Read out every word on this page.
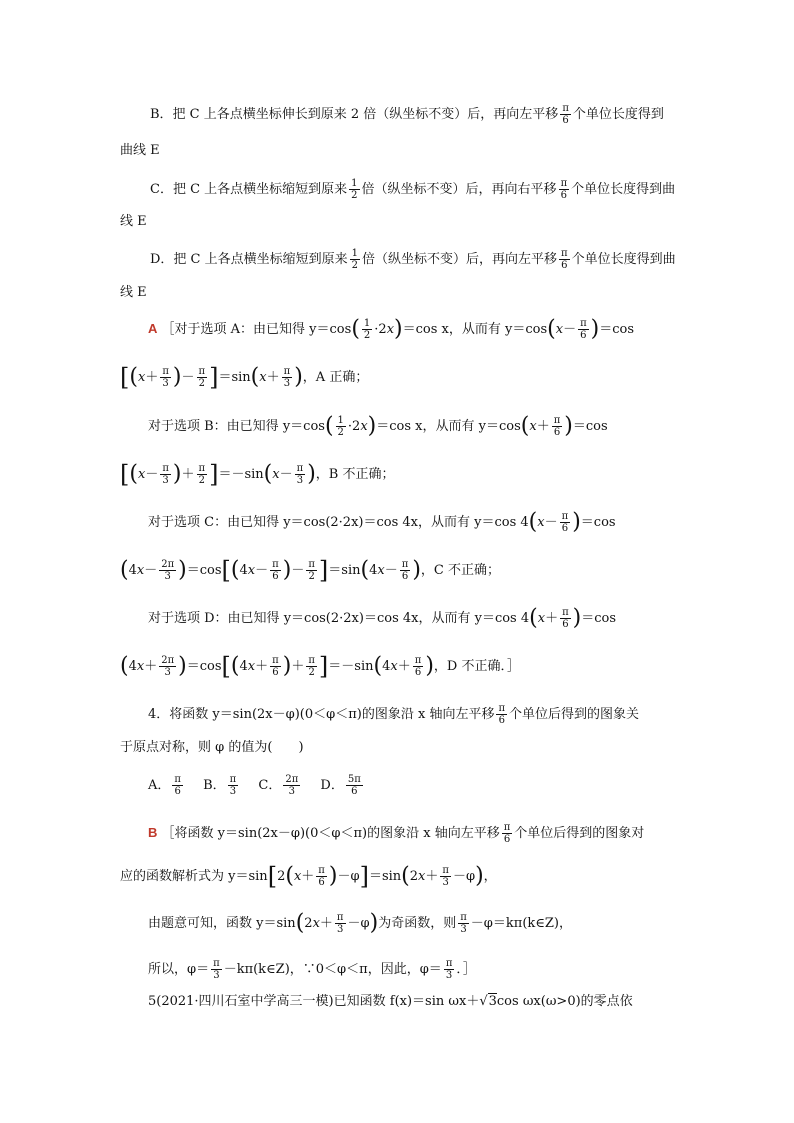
B．把 C 上各点横坐标伸长到原来 2 倍（纵坐标不变）后，再向左平移 $\frac{\pi}{6}$ 个单位长度得到
曲线 E
C．把 C 上各点横坐标缩短到原来 $\frac{1}{2}$ 倍（纵坐标不变）后，再向右平移 $\frac{\pi}{6}$ 个单位长度得到曲
线 E
D．把 C 上各点横坐标缩短到原来 $\frac{1}{2}$ 倍（纵坐标不变）后，再向左平移 $\frac{\pi}{6}$ 个单位长度得到曲
线 E
A ［对于选项 A：由已知得 $y=\cos( \frac{1}{2} \cdot 2x)=\cos$ x，从而有 $y=\cos(x- \frac{\pi}{6} )=\cos$
[($x+ \frac{\pi}{3}$ )－ $\frac{\pi}{2} ]=\sin(x+ \frac{\pi}{3}$ )，A 正确；
对于选项 B：由已知得 $y=\cos( \frac{1}{2} \cdot 2x)=\cos$ x，从而有 $y=\cos(x+ \frac{\pi}{6} )=\cos$
[($x- \frac{\pi}{3}$ )＋ $\frac{\pi}{2} ]=-\sin(x- \frac{\pi}{3}$ )，B 不正确；
对于选项 C：由已知得 y＝cos(2·2x)＝cos 4x，从而有 y＝cos $4(x- \frac{\pi}{6} )=\cos$
$(4x- \frac{2\pi}{3} )=\cos[(4x- \frac{\pi}{6}$ )－ $\frac{\pi}{2} ]=\sin(4x- \frac{\pi}{6}$ )，C 不正确；
对于选项 D：由已知得 y＝cos(2·2x)＝cos 4x，从而有 y＝cos $4(x+ \frac{\pi}{6} )=\cos$
$(4x+ \frac{2\pi}{3} )=\cos[(4x+ \frac{\pi}{6}$ )＋ $\frac{\pi}{2} ]=-\sin(4x+ \frac{\pi}{6}$ )，D 不正确．］
4．将函数 y＝sin(2x－φ)(0＜φ＜π)的图象沿 x 轴向左平移 $\frac{\pi}{6}$ 个单位后得到的图象关
于原点对称，则 φ 的值为(　　)
A． $\frac{\pi}{6}$ B． $\frac{\pi}{3}$ C． $\frac{2\pi}{3}$ D． $\frac{5\pi}{6}$
B ［将函数 y＝sin(2x－φ)(0＜φ＜π)的图象沿 x 轴向左平移 $\frac{\pi}{6}$ 个单位后得到的图象对
应的函数解析式为 $y=\sin[2(x+ \frac{\pi}{6} )-\varphi]=\sin(2x+ \frac{\pi}{3} -\varphi)$，
由题意可知，函数 $y=\sin(2x+ \frac{\pi}{3} -\varphi)$为奇函数，则 $\frac{\pi}{3}$ －φ＝kπ(k∈Z)，
所以，$\varphi= \frac{\pi}{3}$ －kπ(k∈Z)，∵0＜φ＜π，因此，$\varphi= \frac{\pi}{3}$ ．］
5(2021·四川石室中学高三一模)已知函数 f(x)＝sin ωx＋√3cos ωx(ω>0)的零点依
